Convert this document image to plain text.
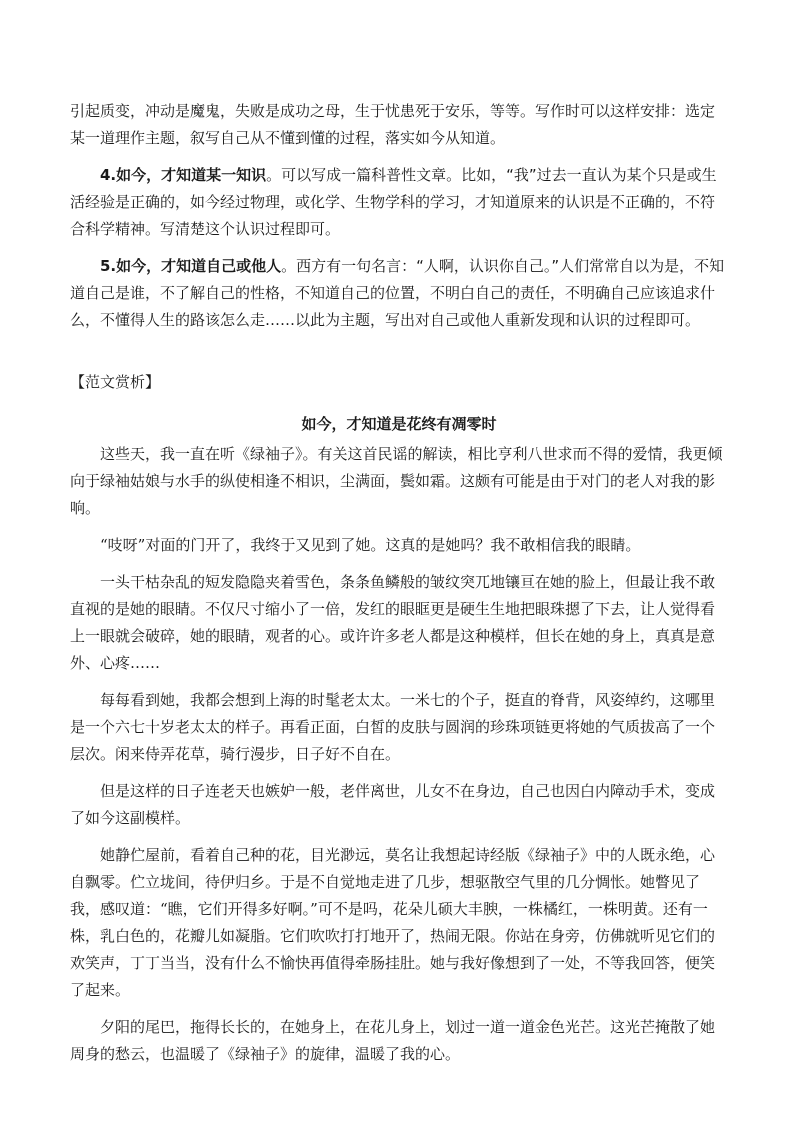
引起质变，冲动是魔鬼，失败是成功之母，生于忧患死于安乐，等等。写作时可以这样安排：选定某一道理作主题，叙写自己从不懂到懂的过程，落实如今从知道。

4.如今，才知道某一知识。可以写成一篇科普性文章。比如，“我”过去一直认为某个只是或生活经验是正确的，如今经过物理，或化学、生物学科的学习，才知道原来的认识是不正确的，不符合科学精神。写清楚这个认识过程即可。

5.如今，才知道自己或他人。西方有一句名言：“人啊，认识你自己。”人们常常自以为是，不知道自己是谁，不了解自己的性格，不知道自己的位置，不明白自己的责任，不明确自己应该追求什么，不懂得人生的路该怎么走……以此为主题，写出对自己或他人重新发现和认识的过程即可。

【范文赏析】
如今，才知道是花终有凋零时

这些天，我一直在听《绿袖子》。有关这首民谣的解读，相比亨利八世求而不得的爱情，我更倾向于绿袖姑娘与水手的纵使相逢不相识，尘满面，鬓如霜。这颇有可能是由于对门的老人对我的影响。

“吱呀”对面的门开了，我终于又见到了她。这真的是她吗？我不敢相信我的眼睛。

一头干枯杂乱的短发隐隐夹着雪色，条条鱼鳞般的皱纹突兀地镶亘在她的脸上，但最让我不敢直视的是她的眼睛。不仅尺寸缩小了一倍，发红的眼眶更是硬生生地把眼珠摁了下去，让人觉得看上一眼就会破碎，她的眼睛，观者的心。或许许多老人都是这种模样，但长在她的身上，真真是意外、心疼……

每每看到她，我都会想到上海的时髦老太太。一米七的个子，挺直的脊背，风姿绰约，这哪里是一个六七十岁老太太的样子。再看正面，白皙的皮肤与圆润的珍珠项链更将她的气质拔高了一个层次。闲来侍弄花草，骑行漫步，日子好不自在。

但是这样的日子连老天也嫉妒一般，老伴离世，儿女不在身边，自己也因白内障动手术，变成了如今这副模样。

她静伫屋前，看着自己种的花，目光渺远，莫名让我想起诗经版《绿袖子》中的人既永绝，心自飘零。伫立垅间，待伊归乡。于是不自觉地走进了几步，想驱散空气里的几分惆怅。她瞥见了我，感叹道：“瞧，它们开得多好啊。”可不是吗，花朵儿硕大丰腴，一株橘红，一株明黄。还有一株，乳白色的，花瓣儿如凝脂。它们吹吹打打地开了，热闹无限。你站在身旁，仿佛就听见它们的欢笑声，丁丁当当，没有什么不愉快再值得牵肠挂肚。她与我好像想到了一处，不等我回答，便笑了起来。

夕阳的尾巴，拖得长长的，在她身上，在花儿身上，划过一道一道金色光芒。这光芒掩散了她周身的愁云，也温暖了《绿袖子》的旋律，温暖了我的心。
